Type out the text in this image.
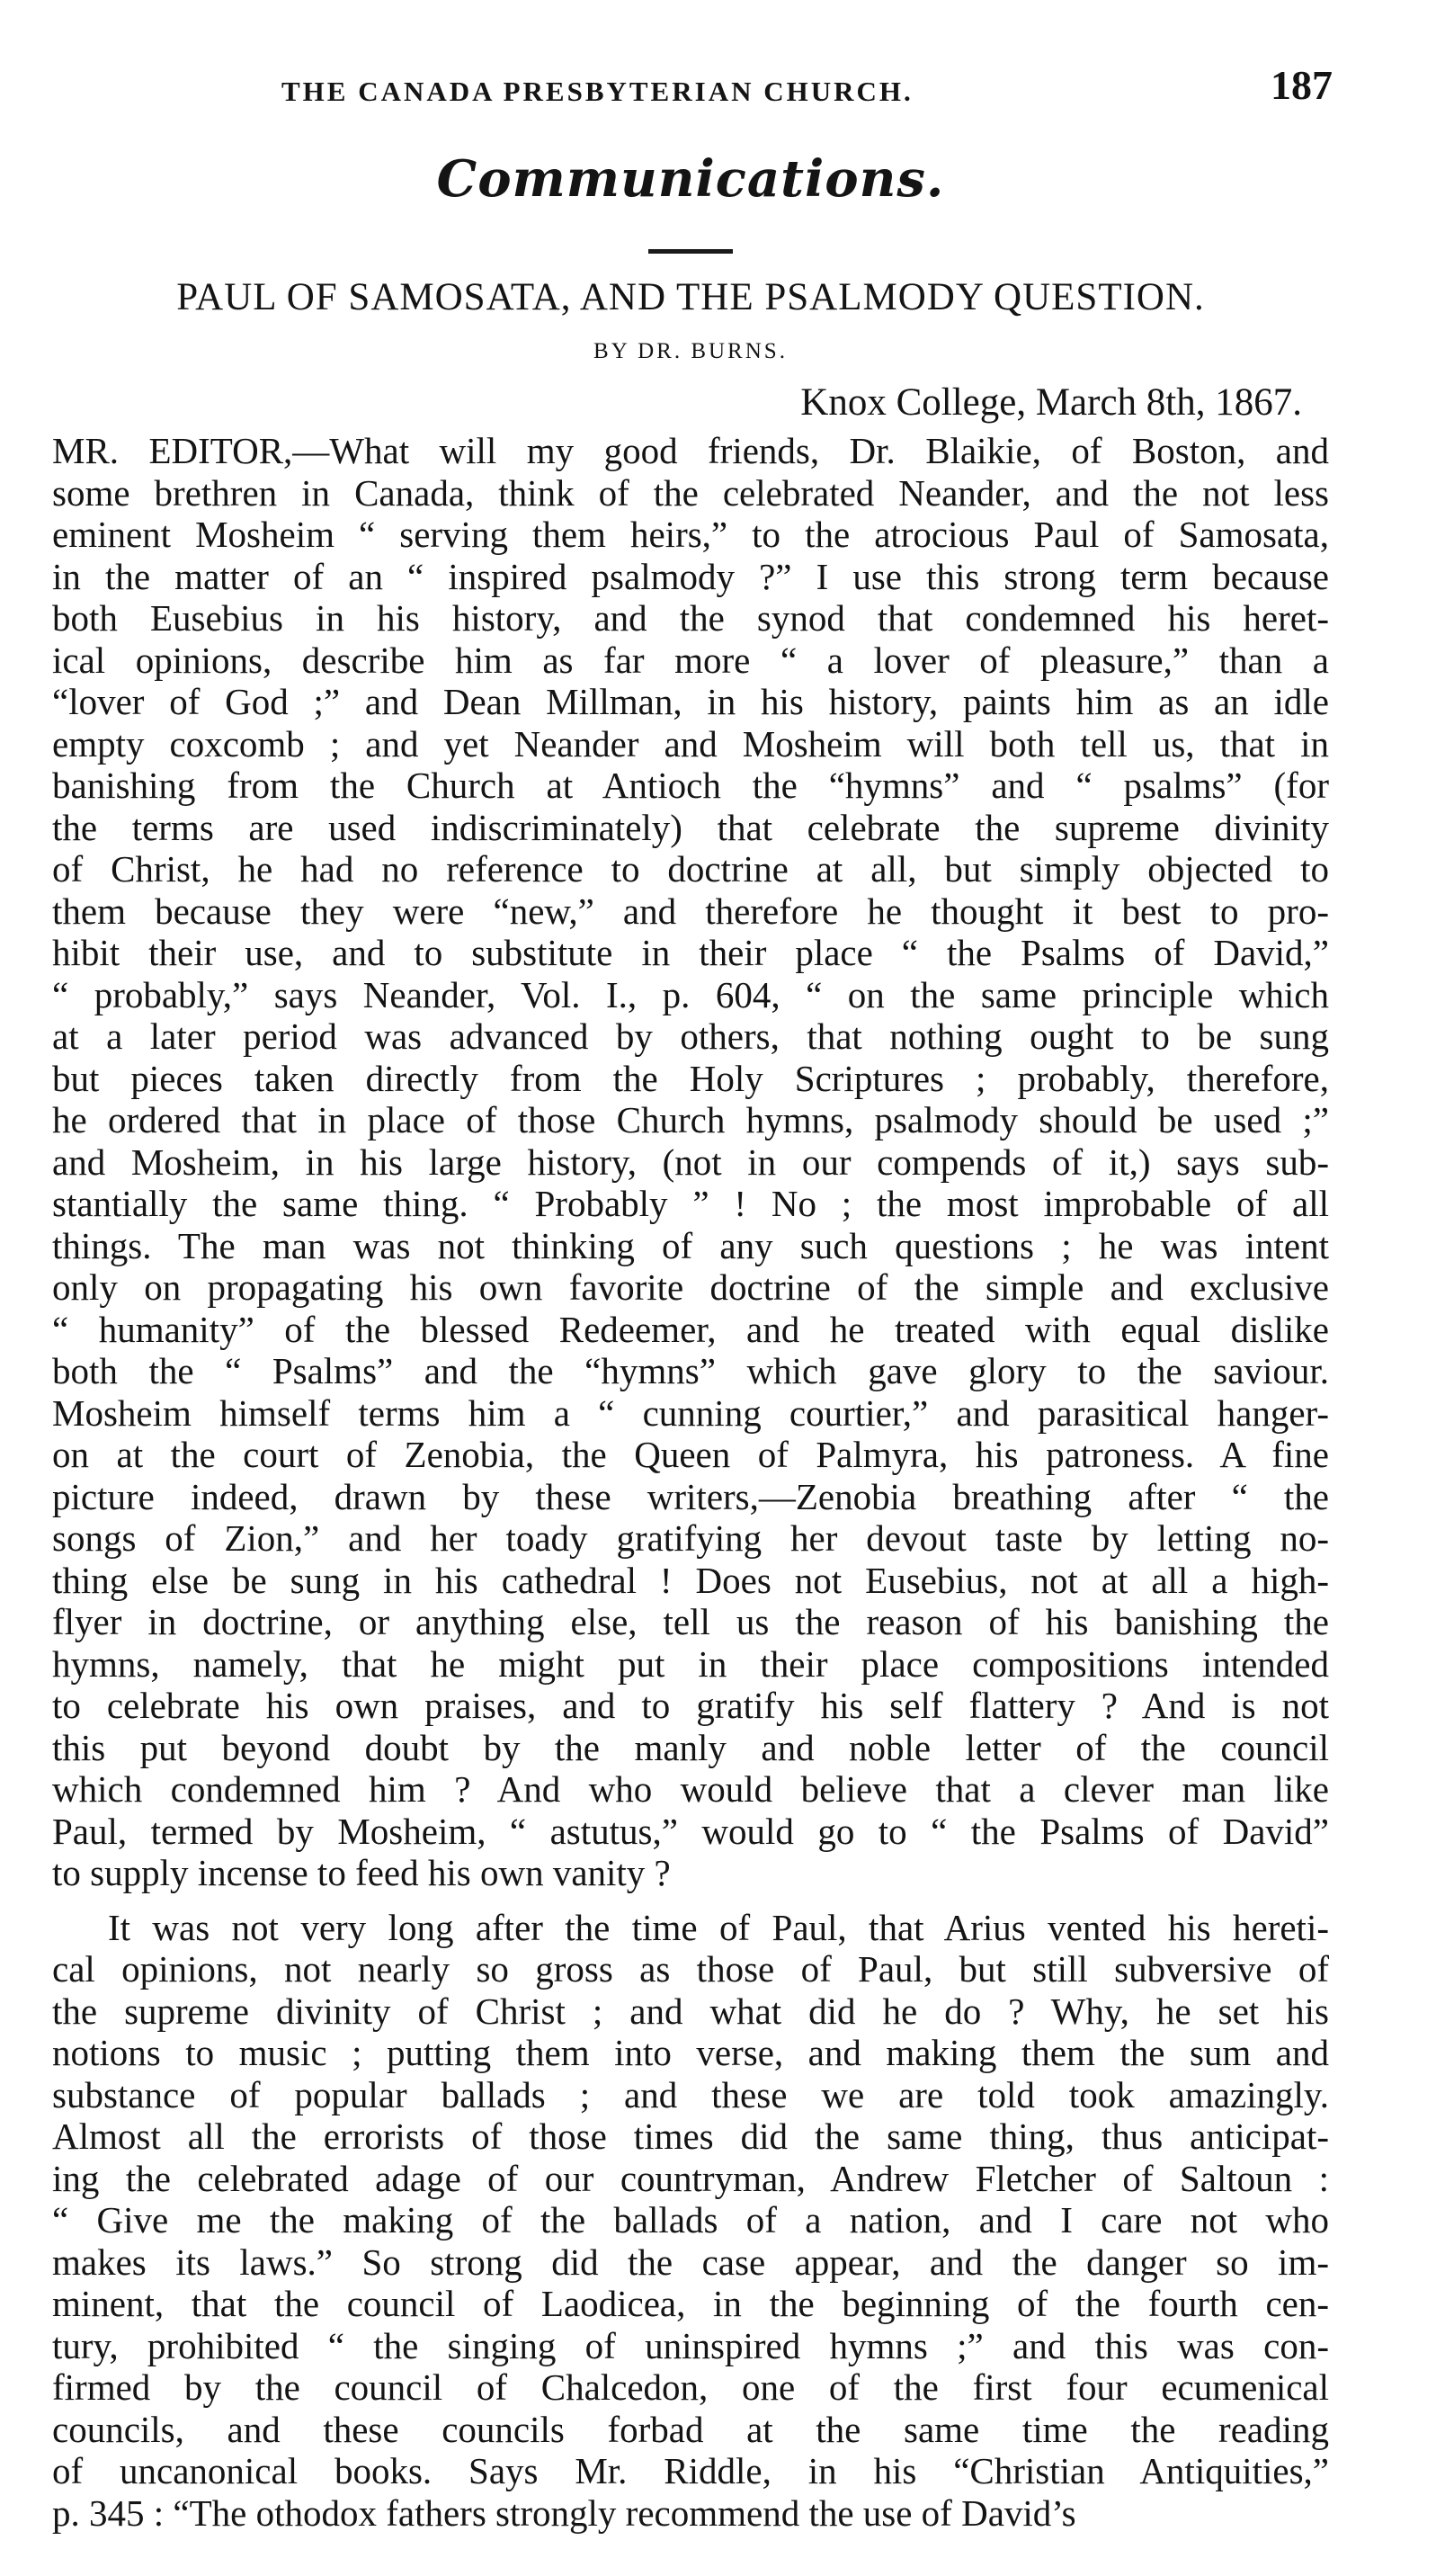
THE CANADA PRESBYTERIAN CHURCH.	187
Communications.
PAUL OF SAMOSATA, AND THE PSALMODY QUESTION.
BY DR. BURNS.
Knox College, March 8th, 1867.
MR. EDITOR,—What will my good friends, Dr. Blaikie, of Boston, and
some brethren in Canada, think of the celebrated Neander, and the not less
eminent Mosheim “ serving them heirs,” to the atrocious Paul of Samosata,
in the matter of an “ inspired psalmody ?” I use this strong term because
both Eusebius in his history, and the synod that condemned his heret-
ical opinions, describe him as far more “ a lover of pleasure,” than a
“lover of God ;” and Dean Millman, in his history, paints him as an idle
empty coxcomb ; and yet Neander and Mosheim will both tell us, that in
banishing from the Church at Antioch the “hymns” and “ psalms” (for
the terms are used indiscriminately) that celebrate the supreme divinity
of Christ, he had no reference to doctrine at all, but simply objected to
them because they were “new,” and therefore he thought it best to pro-
hibit their use, and to substitute in their place “ the Psalms of David,”
“ probably,” says Neander, Vol. I., p. 604, “ on the same principle which
at a later period was advanced by others, that nothing ought to be sung
but pieces taken directly from the Holy Scriptures ; probably, therefore,
he ordered that in place of those Church hymns, psalmody should be used ;”
and Mosheim, in his large history, (not in our compends of it,) says sub-
stantially the same thing. “ Probably ” ! No ; the most improbable of all
things. The man was not thinking of any such questions ; he was intent
only on propagating his own favorite doctrine of the simple and exclusive
“ humanity” of the blessed Redeemer, and he treated with equal dislike
both the “ Psalms” and the “hymns” which gave glory to the saviour.
Mosheim himself terms him a “ cunning courtier,” and parasitical hanger-
on at the court of Zenobia, the Queen of Palmyra, his patroness. A fine
picture indeed, drawn by these writers,—Zenobia breathing after “ the
songs of Zion,” and her toady gratifying her devout taste by letting no-
thing else be sung in his cathedral ! Does not Eusebius, not at all a high-
flyer in doctrine, or anything else, tell us the reason of his banishing the
hymns, namely, that he might put in their place compositions intended
to celebrate his own praises, and to gratify his self flattery ? And is not
this put beyond doubt by the manly and noble letter of the council
which condemned him ? And who would believe that a clever man like
Paul, termed by Mosheim, “ astutus,” would go to “ the Psalms of David”
to supply incense to feed his own vanity ?
It was not very long after the time of Paul, that Arius vented his hereti-
cal opinions, not nearly so gross as those of Paul, but still subversive of
the supreme divinity of Christ ; and what did he do ? Why, he set his
notions to music ; putting them into verse, and making them the sum and
substance of popular ballads ; and these we are told took amazingly.
Almost all the errorists of those times did the same thing, thus anticipat-
ing the celebrated adage of our countryman, Andrew Fletcher of Saltoun :
“ Give me the making of the ballads of a nation, and I care not who
makes its laws.” So strong did the case appear, and the danger so im-
minent, that the council of Laodicea, in the beginning of the fourth cen-
tury, prohibited “ the singing of uninspired hymns ;” and this was con-
firmed by the council of Chalcedon, one of the first four ecumenical
councils, and these councils forbad at the same time the reading
of uncanonical books. Says Mr. Riddle, in his “Christian Antiquities,”
p. 345 : “The othodox fathers strongly recommend the use of David’s
